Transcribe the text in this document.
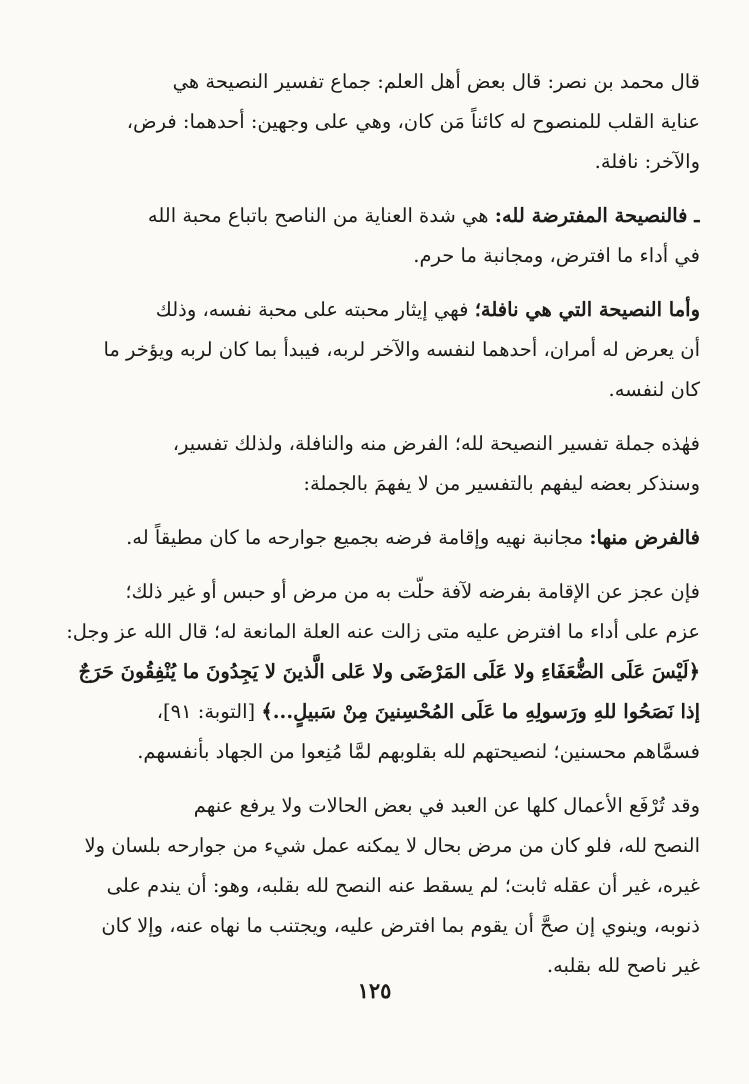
قال محمد بن نصر: قال بعض أهل العلم: جماع تفسير النصيحة هي
عناية القلب للمنصوح له كائناً مَن كان، وهي على وجهين: أحدهما: فرض،
والآخر: نافلة.

ـ فالنصيحة المفترضة لله: هي شدة العناية من الناصح باتباع محبة الله
في أداء ما افترض، ومجانبة ما حرم.

وأما النصيحة التي هي نافلة؛ فهي إيثار محبته على محبة نفسه، وذلك
أن يعرض له أمران، أحدهما لنفسه والآخر لربه، فيبدأ بما كان لربه ويؤخر ما
كان لنفسه.

فهٰذه جملة تفسير النصيحة لله؛ الفرض منه والنافلة، ولذلك تفسير،
وسنذكر بعضه ليفهم بالتفسير من لا يفهمَ بالجملة:

فالفرض منها: مجانبة نهيه وإقامة فرضه بجميع جوارحه ما كان مطيقاً له.

فإن عجز عن الإقامة بفرضه لآفة حلّت به من مرض أو حبس أو غير ذلك؛
عزم على أداء ما افترض عليه متى زالت عنه العلة المانعة له؛ قال الله عز وجل:
﴿لَيْسَ عَلَى الضُّعَفَاءِ ولا عَلَى المَرْضَى ولا عَلى الَّذينَ لا يَجِدُونَ ما يُنْفِقُونَ حَرَجٌ
إذا نَصَحُوا للهِ ورَسولِهِ ما عَلَى المُحْسِنينَ مِنْ سَبيلٍ...﴾ [التوبة: ٩١]،
فسمَّاهم محسنين؛ لنصيحتهم لله بقلوبهم لمَّا مُنِعوا من الجهاد بأنفسهم.

وقد تُرْفَع الأعمال كلها عن العبد في بعض الحالات ولا يرفع عنهم
النصح لله، فلو كان من مرض بحال لا يمكنه عمل شيء من جوارحه بلسان ولا
غيره، غير أن عقله ثابت؛ لم يسقط عنه النصح لله بقلبه، وهو: أن يندم على
ذنوبه، وينوي إن صحَّ أن يقوم بما افترض عليه، ويجتنب ما نهاه عنه، وإلا كان
غير ناصح لله بقلبه.

١٢٥
